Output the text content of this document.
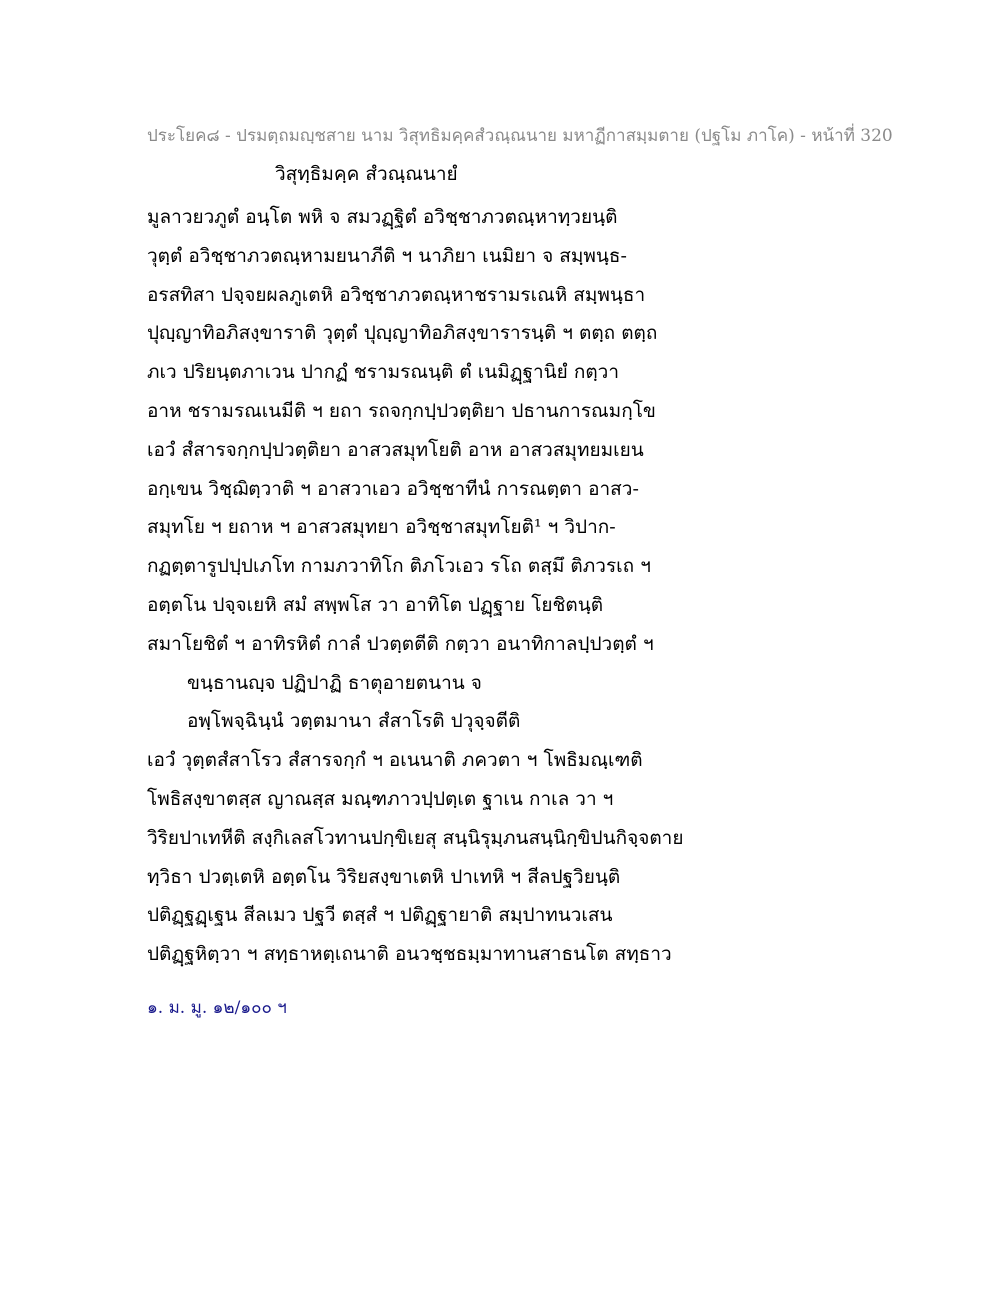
ประโยค๘ - ปรมตฺถมญฺชสาย นาม วิสุทธิมคฺคสํวณฺณนาย มหาฏีกาสมฺมตาย (ปฐโม ภาโค) - หน้าที่ 320
วิสุทฺธิมคฺค สํวณฺณนายํ
มูลาวยวภูตํ อนฺโต พหิ จ สมวฏฺฐิตํ อวิชฺชาภวตณฺหาทฺวยนฺติ
วุตฺตํ อวิชฺชาภวตณฺหามยนาภีติ ฯ นาภิยา เนมิยา จ สมฺพนฺธ-
อรสทิสา ปจฺจยผลภูเตหิ อวิชฺชาภวตณฺหาชรามรเณหิ สมฺพนฺธา
ปุญฺญาทิอภิสงฺขาราติ วุตฺตํ ปุญฺญาทิอภิสงฺขารารนฺติ ฯ ตตฺถ ตตฺถ
ภเว ปริยนฺตภาเวน ปากฏํ ชรามรณนฺติ ตํ เนมิฏฺฐานิยํ กตฺวา
อาห ชรามรณเนมีติ ฯ ยถา รถจกฺกปฺปวตฺติยา ปธานการณมกฺโข
เอวํ สํสารจกฺกปฺปวตฺติยา อาสวสมุทโยติ อาห อาสวสมุทยมเยน
อกฺเขน วิชฺฌิตฺวาติ ฯ อาสวาเอว อวิชฺชาทีนํ การณตฺตา อาสว-
สมุทโย ฯ ยถาห ฯ อาสวสมุทยา อวิชฺชาสมุทโยติ¹ ฯ วิปาก-
กฏตฺตารูปปฺปเภโท กามภวาทิโก ติภโวเอว รโถ ตสฺมึ ติภวรเถ ฯ
อตฺตโน ปจฺจเยหิ สมํ สพฺพโส วา อาทิโต ปฏฺฐาย โยชิตนฺติ
สมาโยชิตํ ฯ อาทิรหิตํ กาลํ ปวตฺตตีติ กตฺวา อนาทิกาลปฺปวตฺตํ ฯ
ขนฺธานญฺจ ปฏิปาฏิ ธาตุอายตนาน จ
อพฺโพจฺฉินฺนํ วตฺตมานา สํสาโรติ ปวุจฺจตีติ
เอวํ วุตฺตสํสาโรว สํสารจกฺกํ ฯ อเนนาติ ภควตา ฯ โพธิมณฺเฑติ
โพธิสงฺขาตสฺส ญาณสฺส มณฺฑภาวปฺปตฺเต ฐาเน กาเล วา ฯ
วิริยปาเทหีติ สงฺกิเลสโวทานปกฺขิเยสุ สนฺนิรุมฺภนสนฺนิกฺขิปนกิจฺจตาย
ทฺวิธา ปวตฺเตหิ อตฺตโน วิริยสงฺขาเตหิ ปาเทหิ ฯ สีลปฐวิยนฺติ
ปติฏฺฐฏฺเฐน สีลเมว ปฐวี ตสฺสํ ฯ ปติฏฺฐายาติ สมฺปาทนวเสน
ปติฏฺฐหิตฺวา ฯ สทฺธาหตฺเถนาติ อนวชฺชธมฺมาทานสาธนโต สทฺธาว
๑. ม. มู. ๑๒/๑๐๐ ฯ
